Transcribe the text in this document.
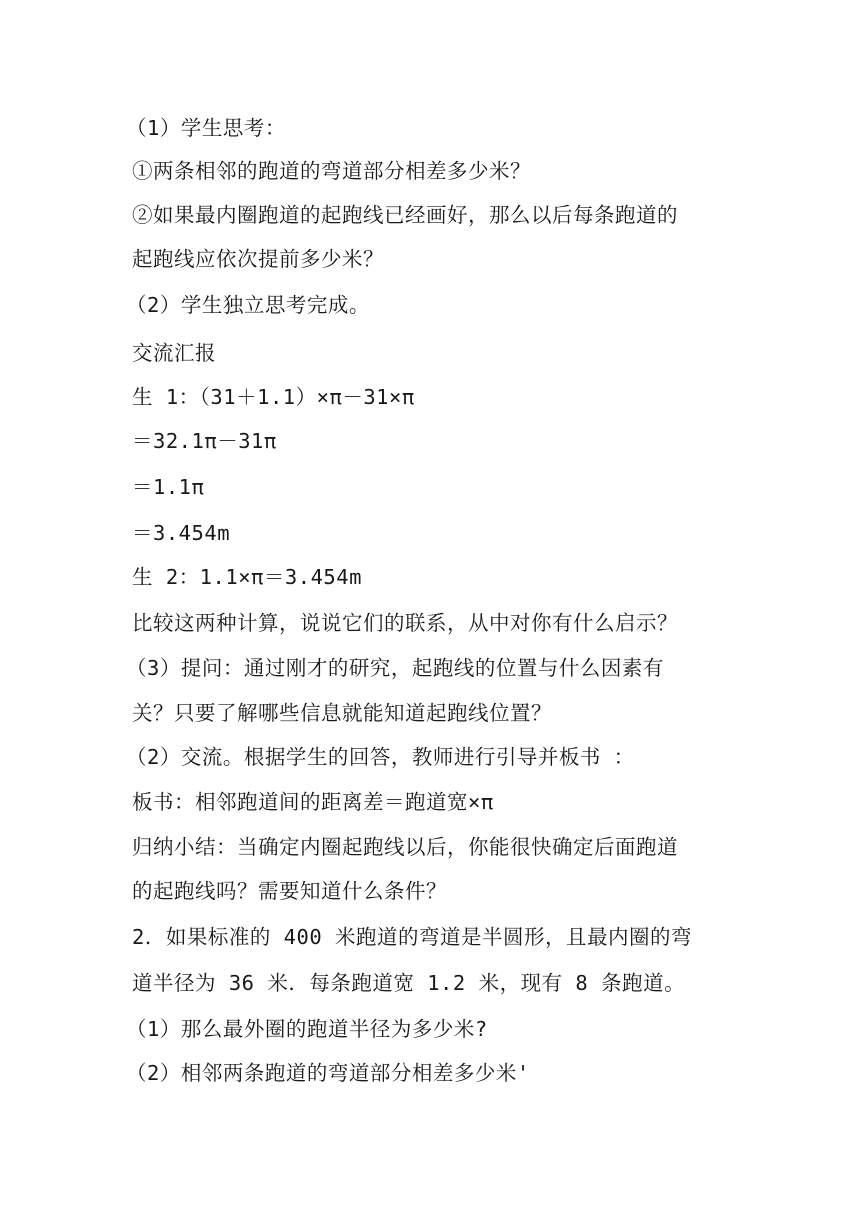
（1）学生思考：
①两条相邻的跑道的弯道部分相差多少米？
②如果最内圈跑道的起跑线已经画好，那么以后每条跑道的
起跑线应依次提前多少米？
（2）学生独立思考完成。
交流汇报
生 1：（31＋1.1）×π－31×π
＝32.1π－31π
＝1.1π
＝3.454m
生 2：1.1×π＝3.454m
比较这两种计算，说说它们的联系，从中对你有什么启示？
（3）提问：通过刚才的研究，起跑线的位置与什么因素有
关？只要了解哪些信息就能知道起跑线位置？
（2）交流。根据学生的回答，教师进行引导并板书 ：
板书：相邻跑道间的距离差＝跑道宽×π
归纳小结：当确定内圈起跑线以后，你能很快确定后面跑道
的起跑线吗？需要知道什么条件？
2．如果标准的 400 米跑道的弯道是半圆形，且最内圈的弯
道半径为 36 米．每条跑道宽 1.2 米，现有 8 条跑道。
（1）那么最外圈的跑道半径为多少米?
（2）相邻两条跑道的弯道部分相差多少米'
